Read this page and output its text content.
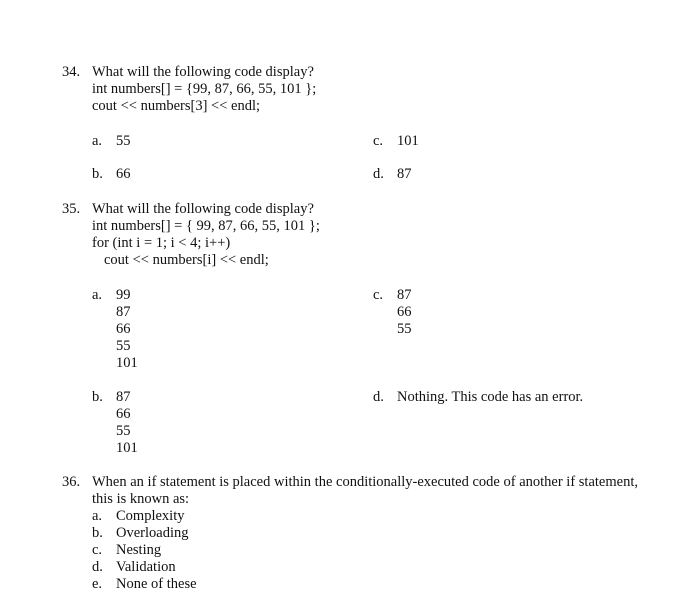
34. What will the following code display?
int numbers[] = {99, 87, 66, 55, 101 };
cout << numbers[3] << endl;
a. 55
b. 66
c. 101
d. 87
35. What will the following code display?
int numbers[] = { 99, 87, 66, 55, 101 };
for (int i = 1; i < 4; i++)
cout << numbers[i] << endl;
a. 99
87
66
55
101
b. 87
66
55
101
c. 87
66
55
d. Nothing. This code has an error.
36. When an if statement is placed within the conditionally-executed code of another if statement,
this is known as:
a. Complexity
b. Overloading
c. Nesting
d. Validation
e. None of these
